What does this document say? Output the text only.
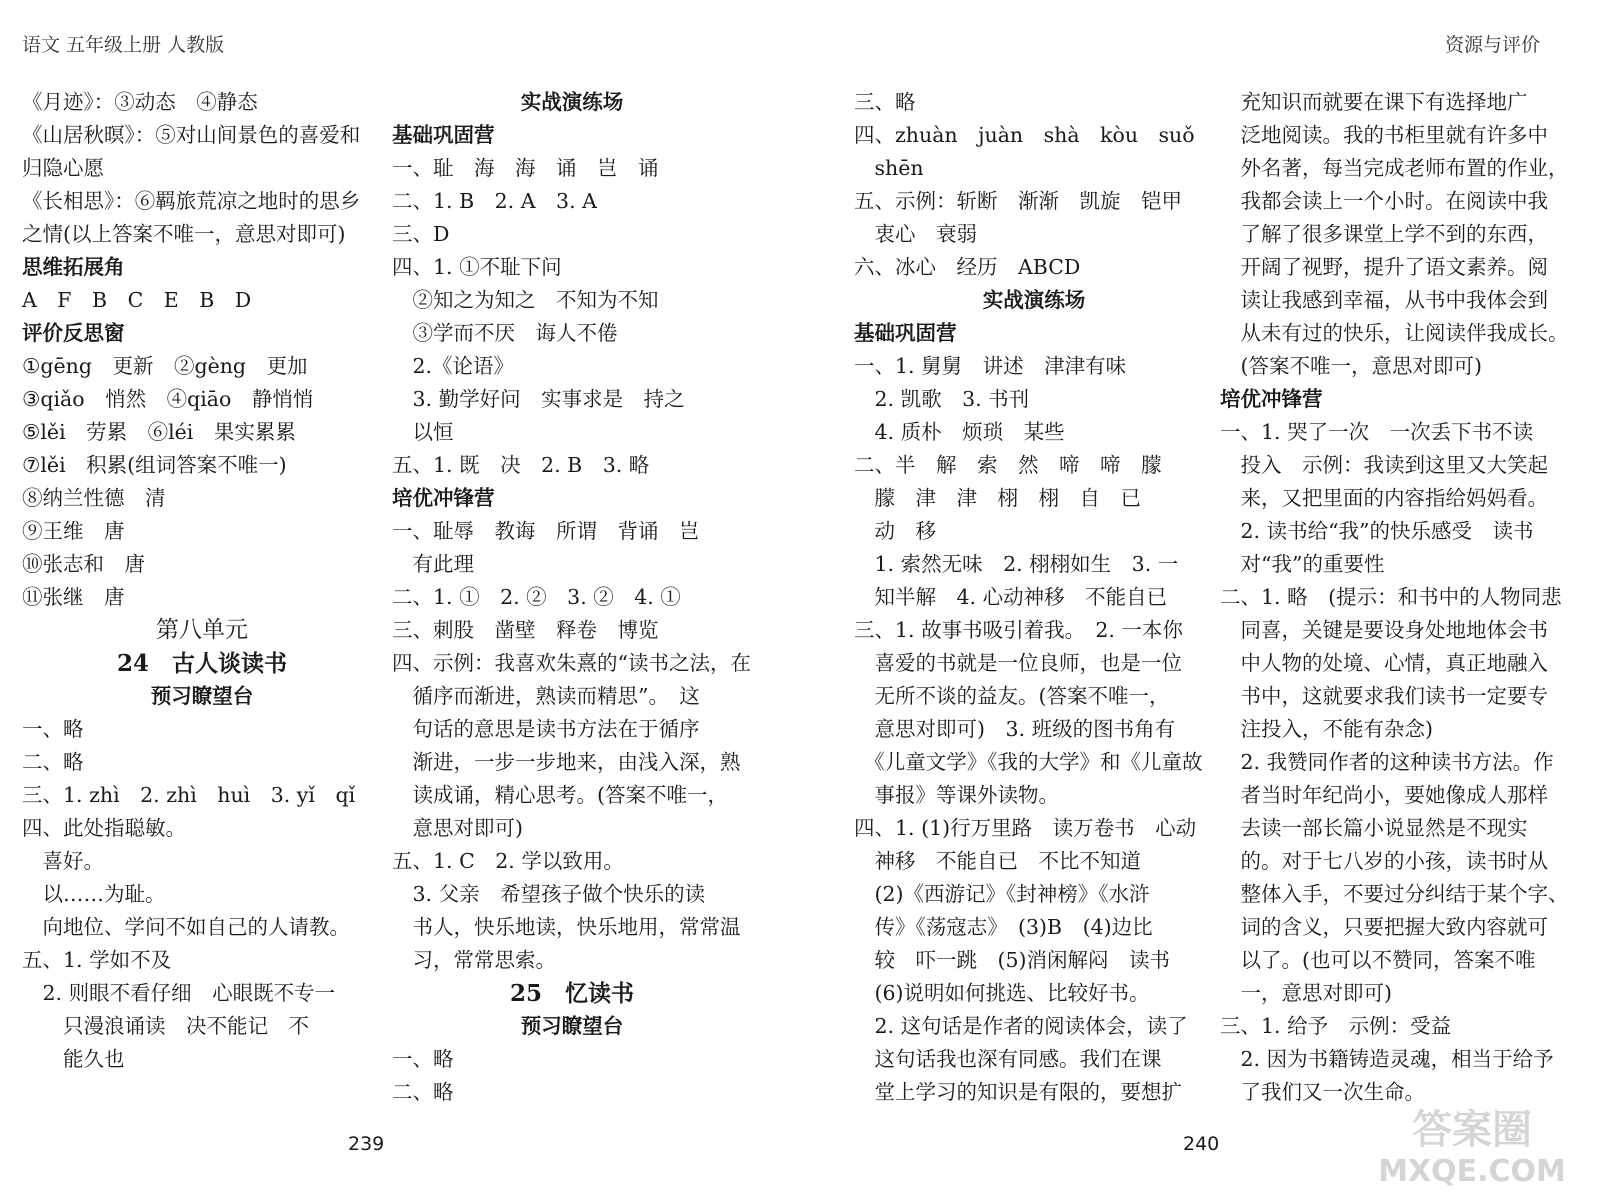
语文 五年级上册 人教版	资源与评价
《月迹》：③动态　④静态
《山居秋暝》：⑤对山间景色的喜爱和
归隐心愿
《长相思》：⑥羁旅荒凉之地时的思乡
之情(以上答案不唯一，意思对即可)
思维拓展角
A　F　B　C　E　B　D
评价反思窗
①gēng　更新　②gèng　更加
③qiǎo　悄然　④qiāo　静悄悄
⑤lěi　劳累　⑥léi　果实累累
⑦lěi　积累(组词答案不唯一)
⑧纳兰性德　清
⑨王维　唐
⑩张志和　唐
⑪张继　唐
第八单元
24　古人谈读书
预习瞭望台
一、略
二、略
三、1. zhì　2. zhì　huì　3. yǐ　qǐ
四、此处指聪敏。
　喜好。
　以……为耻。
　向地位、学问不如自己的人请教。
五、1. 学如不及
　2. 则眼不看仔细　心眼既不专一
　　只漫浪诵读　决不能记　不
　　能久也
实战演练场
基础巩固营
一、耻　海　海　诵　岂　诵
二、1. B　2. A　3. A
三、D
四、1. ①不耻下问
　②知之为知之　不知为不知
　③学而不厌　诲人不倦
　2.《论语》
　3. 勤学好问　实事求是　持之
　以恒
五、1. 既　决　2. B　3. 略
培优冲锋营
一、耻辱　教诲　所谓　背诵　岂
　有此理
二、1. ①　2. ②　3. ②　4. ①
三、刺股　凿壁　释卷　博览
四、示例：我喜欢朱熹的“读书之法，在
　循序而渐进，熟读而精思”。　这
　句话的意思是读书方法在于循序
　渐进，一步一步地来，由浅入深，熟
　读成诵，精心思考。(答案不唯一，
　意思对即可)
五、1. C　2. 学以致用。
　3. 父亲　希望孩子做个快乐的读
　书人，快乐地读，快乐地用，常常温
　习，常常思索。
25　忆读书
预习瞭望台
一、略
二、略
三、略
四、zhuàn　juàn　shà　kòu　suǒ
　shēn
五、示例：斩断　渐渐　凯旋　铠甲
　衷心　衰弱
六、冰心　经历　ABCD
实战演练场
基础巩固营
一、1. 舅舅　讲述　津津有味
　2. 凯歌　3. 书刊
　4. 质朴　烦琐　某些
二、半　解　索　然　啼　啼　朦
　朦　津　津　栩　栩　自　已
　动　移
　1. 索然无味　2. 栩栩如生　3. 一
　知半解　4. 心动神移　不能自已
三、1. 故事书吸引着我。　2. 一本你
　喜爱的书就是一位良师，也是一位
　无所不谈的益友。(答案不唯一，
　意思对即可)　3. 班级的图书角有
　《儿童文学》《我的大学》和《儿童故
　事报》等课外读物。
四、1. (1)行万里路　读万卷书　心动
　神移　不能自已　不比不知道
　(2)《西游记》《封神榜》《水浒
　传》《荡寇志》　(3)B　(4)边比
　较　吓一跳　(5)消闲解闷　读书
　(6)说明如何挑选、比较好书。
　2. 这句话是作者的阅读体会，读了
　这句话我也深有同感。我们在课
　堂上学习的知识是有限的，要想扩
　充知识而就要在课下有选择地广
　泛地阅读。我的书柜里就有许多中
　外名著，每当完成老师布置的作业，
　我都会读上一个小时。在阅读中我
　了解了很多课堂上学不到的东西，
　开阔了视野，提升了语文素养。阅
　读让我感到幸福，从书中我体会到
　从未有过的快乐，让阅读伴我成长。
　(答案不唯一，意思对即可)
培优冲锋营
一、1. 哭了一次　一次丢下书不读
　投入　示例：我读到这里又大笑起
　来，又把里面的内容指给妈妈看。
　2. 读书给“我”的快乐感受　读书
　对“我”的重要性
二、1. 略　(提示：和书中的人物同悲
　同喜，关键是要设身处地地体会书
　中人物的处境、心情，真正地融入
　书中，这就要求我们读书一定要专
　注投入，不能有杂念)
　2. 我赞同作者的这种读书方法。作
　者当时年纪尚小，要她像成人那样
　去读一部长篇小说显然是不现实
　的。对于七八岁的小孩，读书时从
　整体入手，不要过分纠结于某个字、
　词的含义，只要把握大致内容就可
　以了。(也可以不赞同，答案不唯
　一，意思对即可)
三、1. 给予　示例：受益
　2. 因为书籍铸造灵魂，相当于给予
　了我们又一次生命。
239	240	答案圈
MXQE.COM
